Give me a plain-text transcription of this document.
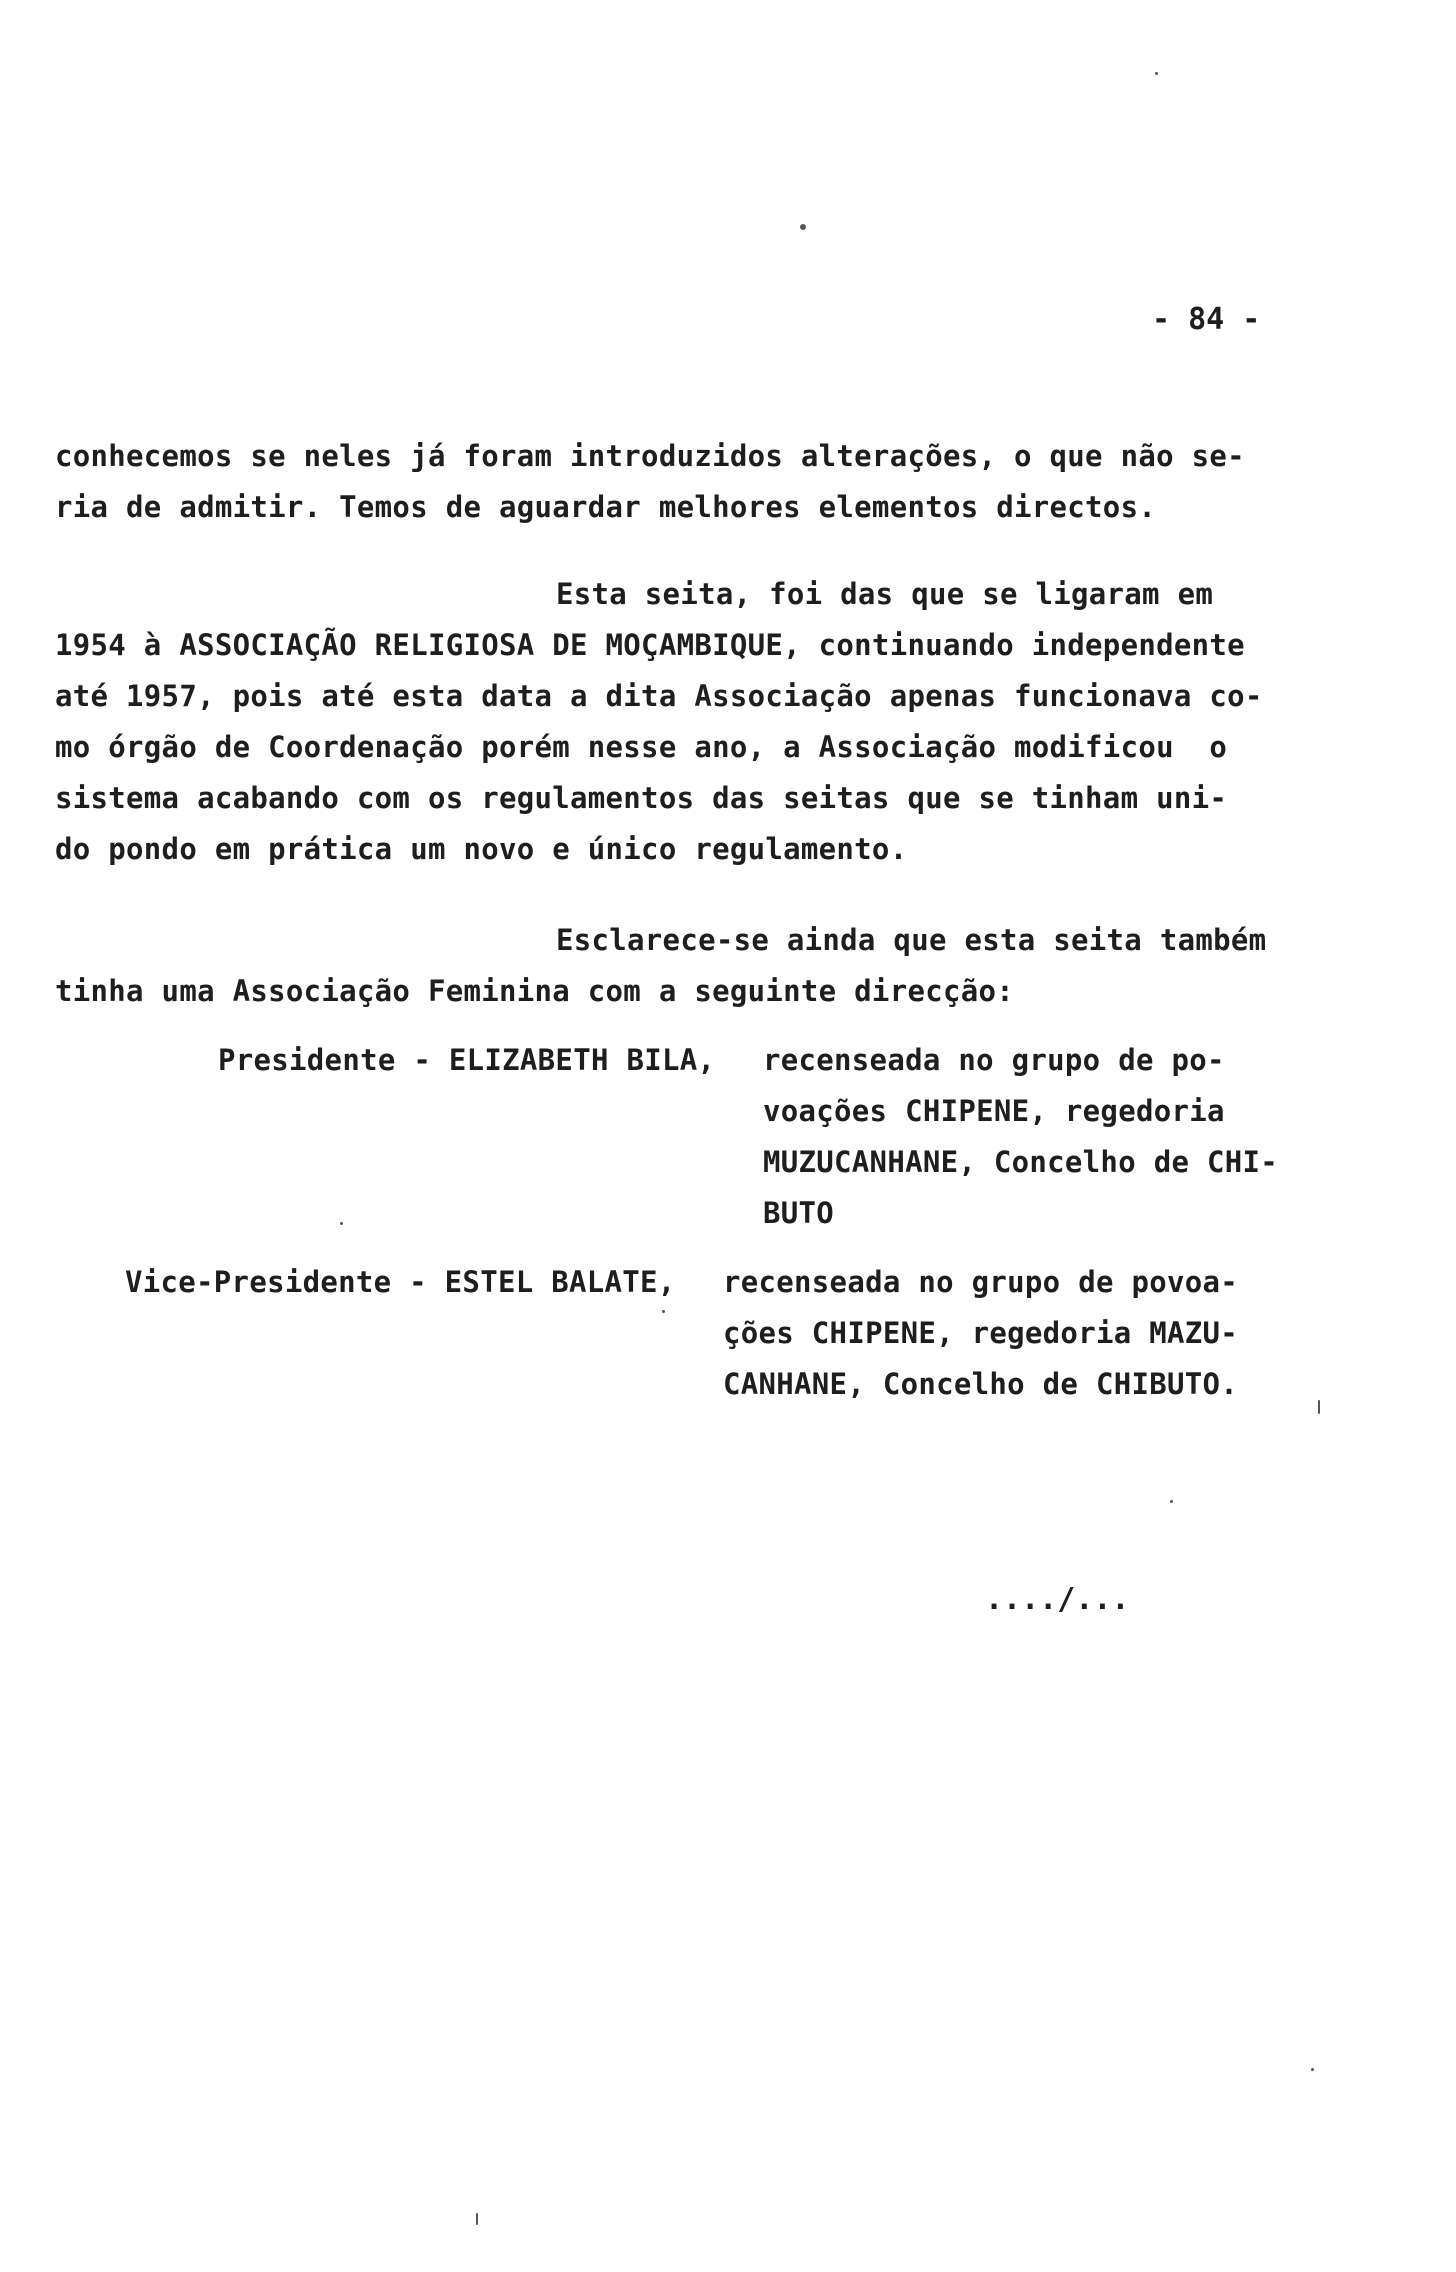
- 84 -
conhecemos se neles já foram introduzidos alterações, o que não se-
ria de admitir. Temos de aguardar melhores elementos directos.
Esta seita, foi das que se ligaram em
1954 à ASSOCIAÇÃO RELIGIOSA DE MOÇAMBIQUE, continuando independente
até 1957, pois até esta data a dita Associação apenas funcionava co-
mo órgão de Coordenação porém nesse ano, a Associação modificou  o
sistema acabando com os regulamentos das seitas que se tinham uni-
do pondo em prática um novo e único regulamento.
Esclarece-se ainda que esta seita também
tinha uma Associação Feminina com a seguinte direcção:
Presidente - ELIZABETH BILA, recenseada no grupo de po-
voações CHIPENE, regedoria
MUZUCANHANE, Concelho de CHI-
BUTO
Vice-Presidente - ESTEL BALATE, recenseada no grupo de povoa-
ções CHIPENE, regedoria MAZU-
CANHANE, Concelho de CHIBUTO.
..../...
